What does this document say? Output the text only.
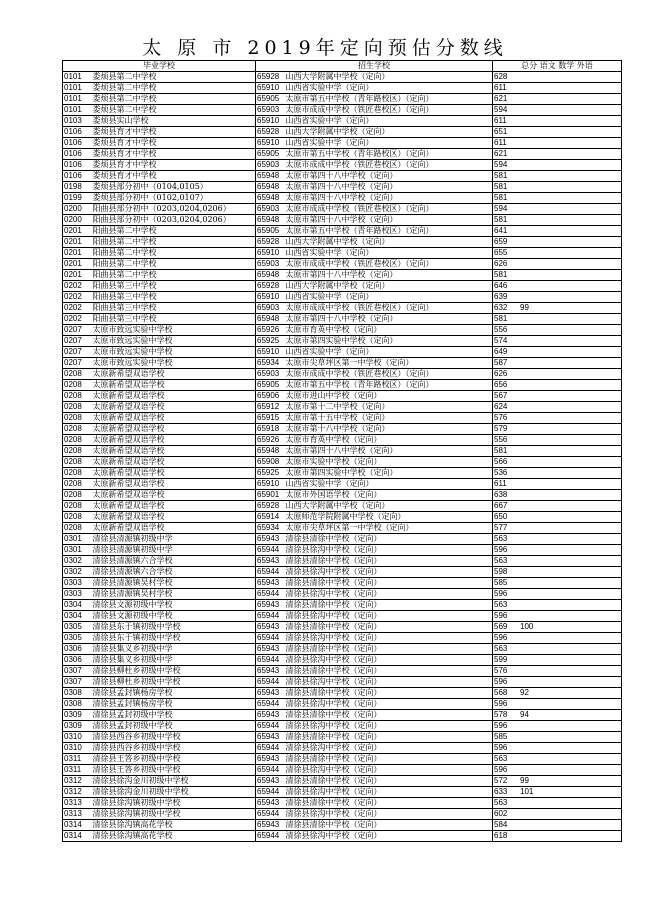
太 原 市 2019年定向预估分数线
毕业学校	招生学校	总分 语文 数学 外语
0101 娄烦县第二中学校	65928 山西大学附属中学校（定向）	628
0101 娄烦县第二中学校	65910 山西省实验中学（定向）	611
0101 娄烦县第二中学校	65905 太原市第五中学校（青年路校区）（定向）	621
0101 娄烦县第二中学校	65903 太原市成成中学校（铁匠巷校区）（定向）	594
0103 娄烦县实山学校	65910 山西省实验中学（定向）	611
0106 娄烦县育才中学校	65928 山西大学附属中学校（定向）	651
0106 娄烦县育才中学校	65910 山西省实验中学（定向）	611
0106 娄烦县育才中学校	65905 太原市第五中学校（青年路校区）（定向）	621
0106 娄烦县育才中学校	65903 太原市成成中学校（铁匠巷校区）（定向）	594
0106 娄烦县育才中学校	65948 太原市第四十八中学校（定向）	581
0198 娄烦县部分初中（0104,0105）	65948 太原市第四十八中学校（定向）	581
0199 娄烦县部分初中（0102,0107）	65948 太原市第四十八中学校（定向）	581
0200 阳曲县部分初中（0203,0204,0206）	65903 太原市成成中学校（铁匠巷校区）（定向）	594
0200 阳曲县部分初中（0203,0204,0206）	65948 太原市第四十八中学校（定向）	581
0201 阳曲县第二中学校	65905 太原市第五中学校（青年路校区）（定向）	641
0201 阳曲县第二中学校	65928 山西大学附属中学校（定向）	659
0201 阳曲县第二中学校	65910 山西省实验中学（定向）	655
0201 阳曲县第二中学校	65903 太原市成成中学校（铁匠巷校区）（定向）	626
0201 阳曲县第二中学校	65948 太原市第四十八中学校（定向）	581
0202 阳曲县第三中学校	65928 山西大学附属中学校（定向）	646
0202 阳曲县第三中学校	65910 山西省实验中学（定向）	639
0202 阳曲县第三中学校	65903 太原市成成中学校（铁匠巷校区）（定向）	632 99
0202 阳曲县第三中学校	65948 太原市第四十八中学校（定向）	581
0207 太原市致远实验中学校	65926 太原市育英中学校（定向）	556
0207 太原市致远实验中学校	65925 太原市第四实验中学校（定向）	574
0207 太原市致远实验中学校	65910 山西省实验中学（定向）	649
0207 太原市致远实验中学校	65934 太原市尖草坪区第一中学校（定向）	587
0208 太原新希望双语学校	65903 太原市成成中学校（铁匠巷校区）（定向）	626
0208 太原新希望双语学校	65905 太原市第五中学校（青年路校区）（定向）	656
0208 太原新希望双语学校	65906 太原市进山中学校（定向）	567
0208 太原新希望双语学校	65912 太原市第十二中学校（定向）	624
0208 太原新希望双语学校	65915 太原市第十五中学校（定向）	576
0208 太原新希望双语学校	65918 太原市第十八中学校（定向）	579
0208 太原新希望双语学校	65926 太原市育英中学校（定向）	556
0208 太原新希望双语学校	65948 太原市第四十八中学校（定向）	581
0208 太原新希望双语学校	65908 太原市实验中学校（定向）	566
0208 太原新希望双语学校	65925 太原市第四实验中学校（定向）	536
0208 太原新希望双语学校	65910 山西省实验中学（定向）	611
0208 太原新希望双语学校	65901 太原市外国语学校（定向）	638
0208 太原新希望双语学校	65928 山西大学附属中学校（定向）	667
0208 太原新希望双语学校	65914 太原师范学院附属中学校（定向）	650
0208 太原新希望双语学校	65934 太原市尖草坪区第一中学校（定向）	577
0301 清徐县清源镇初级中学	65943 清徐县清徐中学校（定向）	563
0301 清徐县清源镇初级中学	65944 清徐县徐沟中学校（定向）	596
0302 清徐县清源镇六合学校	65943 清徐县清徐中学校（定向）	563
0302 清徐县清源镇六合学校	65944 清徐县徐沟中学校（定向）	598
0303 清徐县清源镇吴村学校	65943 清徐县清徐中学校（定向）	585
0303 清徐县清源镇吴村学校	65944 清徐县徐沟中学校（定向）	596
0304 清徐县文源初级中学校	65943 清徐县清徐中学校（定向）	563
0304 清徐县文源初级中学校	65944 清徐县徐沟中学校（定向）	596
0305 清徐县东于镇初级中学校	65943 清徐县清徐中学校（定向）	569 100
0305 清徐县东于镇初级中学校	65944 清徐县徐沟中学校（定向）	596
0306 清徐县集义乡初级中学	65943 清徐县清徐中学校（定向）	563
0306 清徐县集义乡初级中学	65944 清徐县徐沟中学校（定向）	599
0307 清徐县柳杜乡初级中学校	65943 清徐县清徐中学校（定向）	576
0307 清徐县柳杜乡初级中学校	65944 清徐县徐沟中学校（定向）	596
0308 清徐县孟封镇杨房学校	65943 清徐县清徐中学校（定向）	568 92
0308 清徐县孟封镇杨房学校	65944 清徐县徐沟中学校（定向）	596
0309 清徐县孟封初级中学校	65943 清徐县清徐中学校（定向）	578 94
0309 清徐县孟封初级中学校	65944 清徐县徐沟中学校（定向）	596
0310 清徐县西谷乡初级中学校	65943 清徐县清徐中学校（定向）	585
0310 清徐县西谷乡初级中学校	65944 清徐县徐沟中学校（定向）	596
0311 清徐县王答乡初级中学校	65943 清徐县清徐中学校（定向）	563
0311 清徐县王答乡初级中学校	65944 清徐县徐沟中学校（定向）	596
0312 清徐县徐沟金川初级中学校	65943 清徐县清徐中学校（定向）	572 99
0312 清徐县徐沟金川初级中学校	65944 清徐县徐沟中学校（定向）	633 101
0313 清徐县徐沟镇初级中学校	65943 清徐县清徐中学校（定向）	563
0313 清徐县徐沟镇初级中学校	65944 清徐县徐沟中学校（定向）	602
0314 清徐县徐沟镇高花学校	65943 清徐县清徐中学校（定向）	584
0314 清徐县徐沟镇高花学校	65944 清徐县徐沟中学校（定向）	618
